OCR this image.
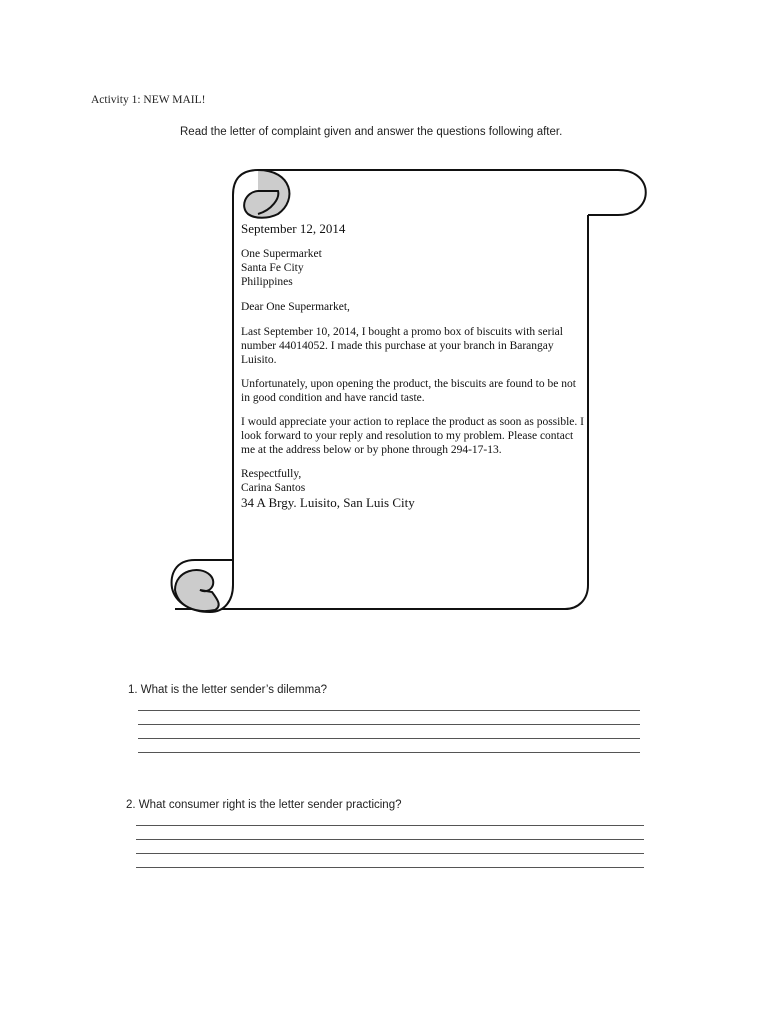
Activity 1: NEW MAIL!
Read the letter of complaint given and answer the questions following after.

September 12, 2014

One Supermarket

Santa Fe City

Philippines

Dear One Supermarket,

Last September 10, 2014, I bought a promo box of biscuits with serial number 44014052. I made this purchase at your branch in Barangay Luisito.

Unfortunately, upon opening the product, the biscuits are found to be not in good condition and have rancid taste.

I would appreciate your action to replace the product as soon as possible. I look forward to your reply and resolution to my problem. Please contact me at the address below or by phone through 294-17-13.

Respectfully,

Carina Santos

34 A Brgy. Luisito, San Luis City

1. What is the letter sender’s dilemma?
2. What consumer right is the letter sender practicing?
